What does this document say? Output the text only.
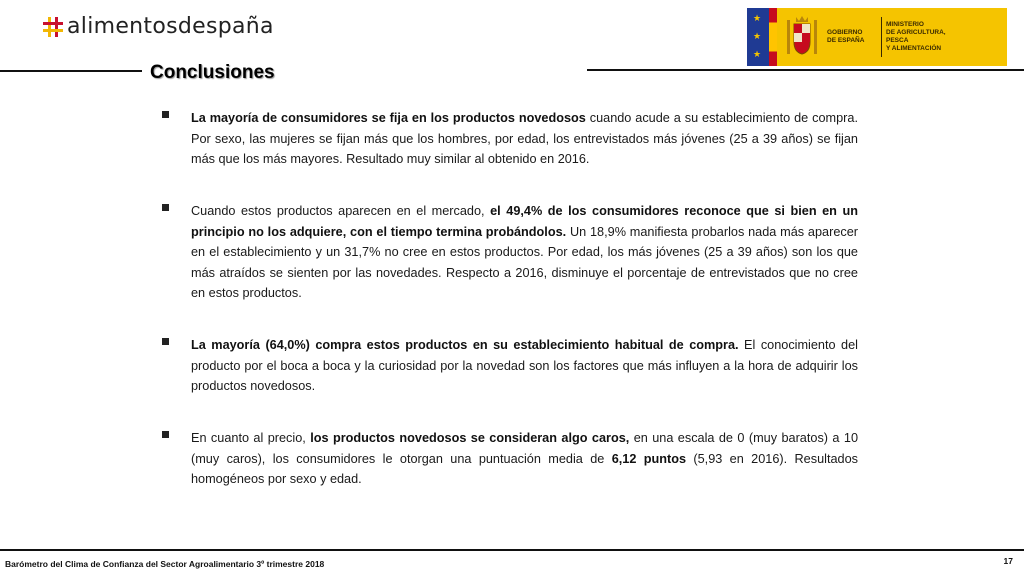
alimentosdespaña	★
★
★
GOBIERNO
DE ESPAÑA
MINISTERIO
DE AGRICULTURA, PESCA
Y ALIMENTACIÓN
Conclusiones

La mayoría de consumidores se fija en los productos novedosos cuando acude a su establecimiento de compra. Por sexo, las mujeres se fijan más que los hombres, por edad, los entrevistados más jóvenes (25 a 39 años) se fijan más que los más mayores. Resultado muy similar al obtenido en 2016.

Cuando estos productos aparecen en el mercado, el 49,4% de los consumidores reconoce que si bien en un principio no los adquiere, con el tiempo termina probándolos. Un 18,9% manifiesta probarlos nada más aparecer en el establecimiento y un 31,7% no cree en estos productos. Por edad, los más jóvenes (25 a 39 años) son los que más atraídos se sienten por las novedades. Respecto a 2016, disminuye el porcentaje de entrevistados que no cree en estos productos.

La mayoría (64,0%) compra estos productos en su establecimiento habitual de compra. El conocimiento del producto por el boca a boca y la curiosidad por la novedad son los factores que más influyen a la hora de adquirir los productos novedosos.

En cuanto al precio, los productos novedosos se consideran algo caros, en una escala de 0 (muy baratos) a 10 (muy caros), los consumidores le otorgan una puntuación media de 6,12 puntos (5,93 en 2016). Resultados homogéneos por sexo y edad.

Barómetro del Clima de Confianza del Sector Agroalimentario 3º trimestre 2018	17
